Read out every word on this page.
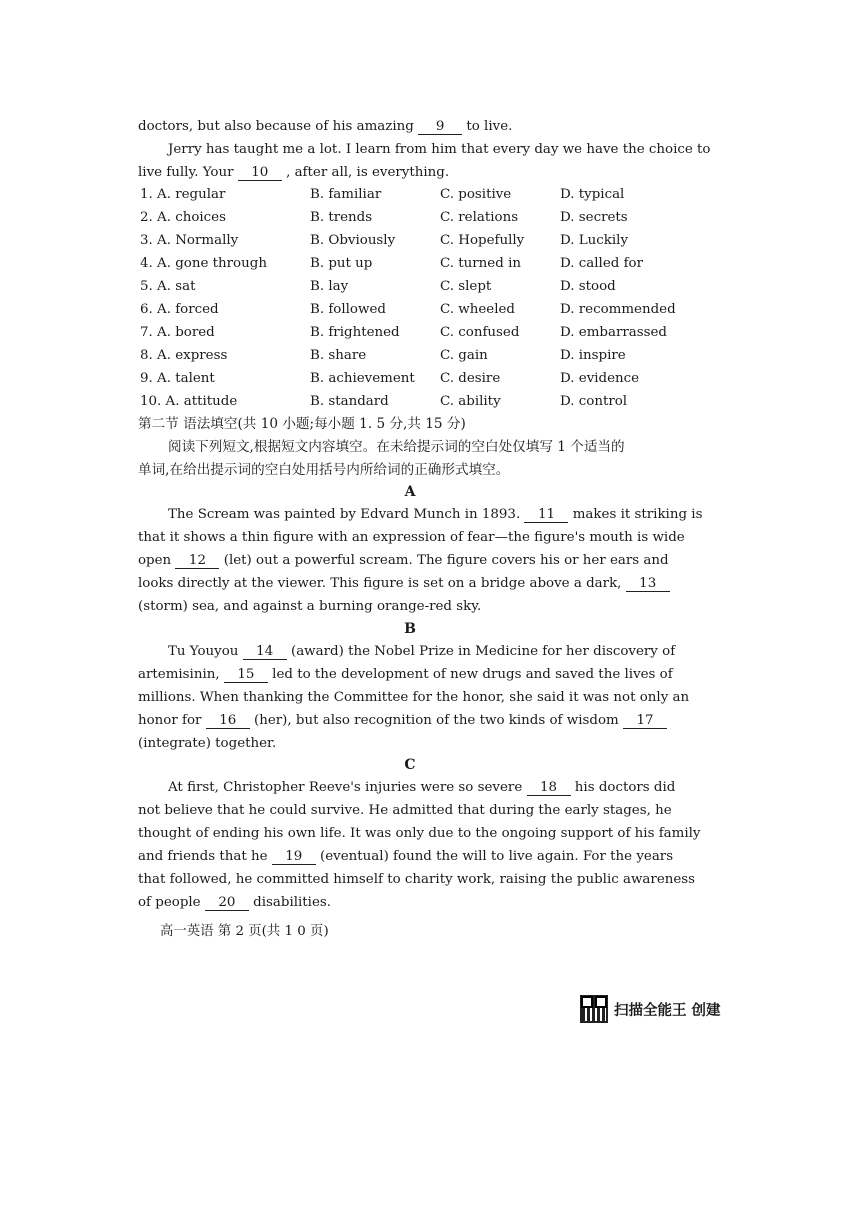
doctors, but also because of his amazing 9 to live.
Jerry has taught me a lot. I learn from him that every day we have the choice to
live fully. Your 10 , after all, is everything.
1. A. regular	B. familiar	C. positive	D. typical
2. A. choices	B. trends	C. relations	D. secrets
3. A. Normally	B. Obviously	C. Hopefully	D. Luckily
4. A. gone through	B. put up	C. turned in	D. called for
5. A. sat	B. lay	C. slept	D. stood
6. A. forced	B. followed	C. wheeled	D. recommended
7. A. bored	B. frightened	C. confused	D. embarrassed
8. A. express	B. share	C. gain	D. inspire
9. A. talent	B. achievement C. desire	D. evidence
10. A. attitude	B. standard	C. ability	D. control
第二节 语法填空(共 10 小题;每小题 1. 5 分,共 15 分)
阅读下列短文,根据短文内容填空。在未给提示词的空白处仅填写 1 个适当的
单词,在给出提示词的空白处用括号内所给词的正确形式填空。
A
The Scream was painted by Edvard Munch in 1893. 11 makes it striking is
that it shows a thin figure with an expression of fear—the figure's mouth is wide
open 12 (let) out a powerful scream. The figure covers his or her ears and
looks directly at the viewer. This figure is set on a bridge above a dark, 13
(storm) sea, and against a burning orange-red sky.
B
Tu Youyou 14 (award) the Nobel Prize in Medicine for her discovery of
artemisinin, 15 led to the development of new drugs and saved the lives of
millions. When thanking the Committee for the honor, she said it was not only an
honor for 16 (her), but also recognition of the two kinds of wisdom 17
(integrate) together.
C
At first, Christopher Reeve's injuries were so severe 18 his doctors did
not believe that he could survive. He admitted that during the early stages, he
thought of ending his own life. It was only due to the ongoing support of his family
and friends that he 19 (eventual) found the will to live again. For the years
that followed, he committed himself to charity work, raising the public awareness
of people 20 disabilities.
高一英语 第 2 页(共 1 0 页)
扫描全能王 创建
